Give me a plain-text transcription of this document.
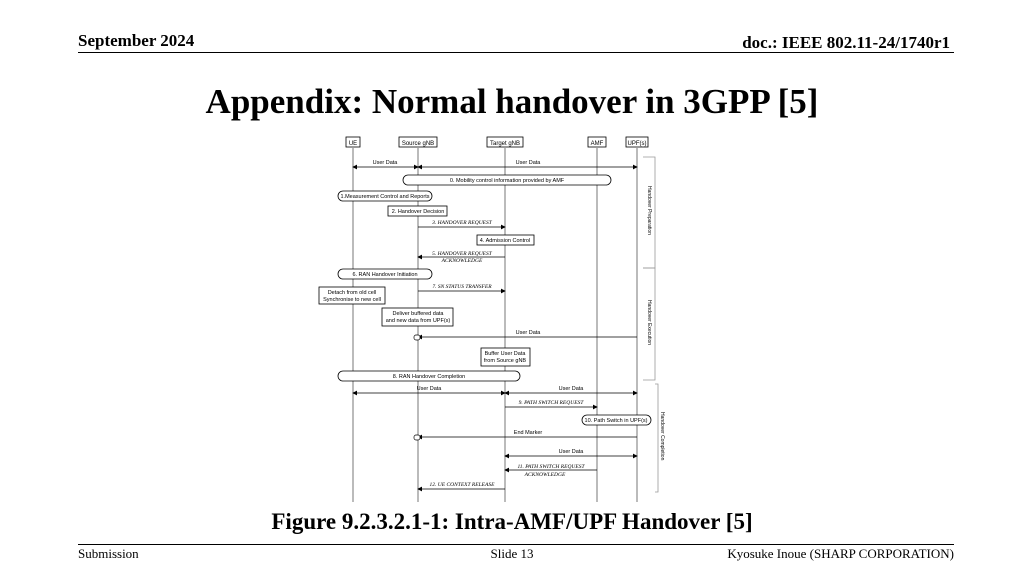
September 2024	doc.: IEEE 802.11-24/1740r1
Appendix: Normal handover in 3GPP [5]
UE	Source gNB	Target gNB	AMF	UPF(s)
Handover Preparation
Handover Execution
Handover Completion
User Data	User Data
0. Mobility control information provided by AMF
1.Measurement Control and Reports
2. Handover Decision
3. HANDOVER REQUEST
4. Admission Control
5. HANDOVER REQUEST
ACKNOWLEDGE
6. RAN Handover Initiation
7. SN STATUS TRANSFER
Detach from old cell
Synchronise to new cell
Deliver buffered data
and new data from UPF(s)
User Data
Buffer User Data
from Source gNB
8. RAN Handover Completion
User Data	User Data
9. PATH SWITCH REQUEST
10. Path Switch in UPF(s)
End Marker
User Data
11. PATH SWITCH REQUEST
ACKNOWLEDGE
12. UE CONTEXT RELEASE
Figure 9.2.3.2.1-1: Intra-AMF/UPF Handover [5]
Submission	Slide 13	Kyosuke Inoue (SHARP CORPORATION)
